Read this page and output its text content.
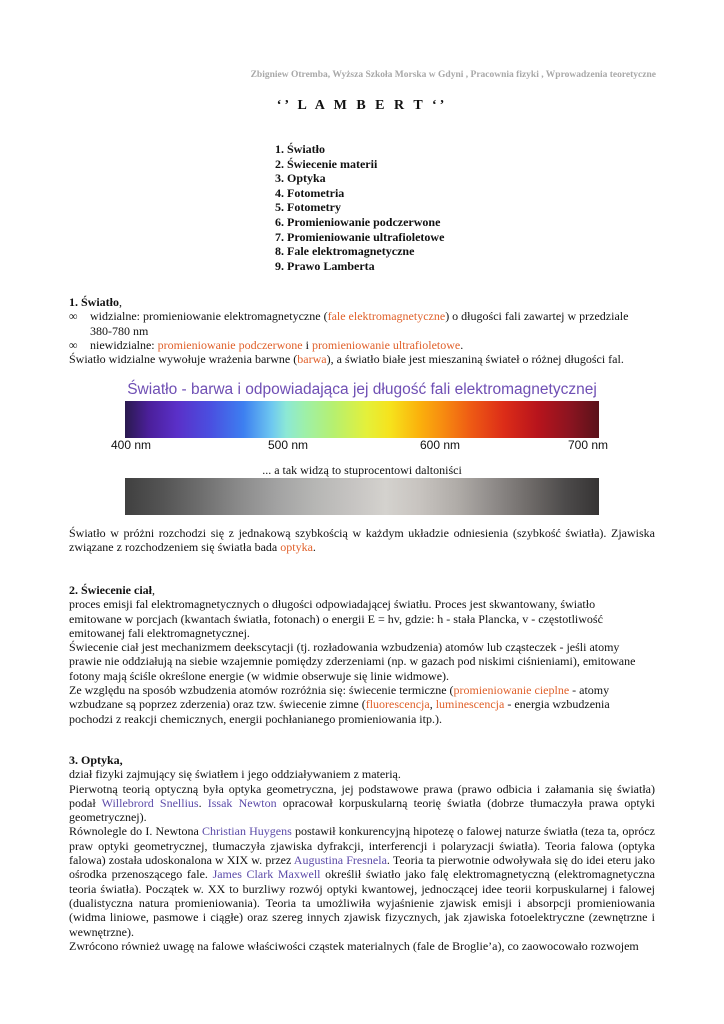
Zbigniew Otremba, Wyższa Szkoła Morska w Gdyni , Pracownia fizyki , Wprowadzenia teoretyczne
‘’ L A M B E R T ‘’
1. Światło
2. Świecenie materii
3. Optyka
4. Fotometria
5. Fotometry
6. Promieniowanie podczerwone
7. Promieniowanie ultrafioletowe
8. Fale elektromagnetyczne
9. Prawo Lamberta

1. Światło,

∞ widzialne: promieniowanie elektromagnetyczne (fale elektromagnetyczne) o długości fali zawartej w przedziale

380-780 nm

∞ niewidzialne: promieniowanie podczerwone i promieniowanie ultrafioletowe.

Światło widzialne wywołuje wrażenia barwne (barwa), a światło białe jest mieszaniną świateł o różnej długości fal.

Światło - barwa i odpowiadająca jej długość fali elektromagnetycznej
400 nm	500 nm	600 nm	700 nm
... a tak widzą to stuprocentowi daltoniści

Światło w próżni rozchodzi się z jednakową szybkością w każdym układzie odniesienia (szybkość światła). Zjawiska związane z rozchodzeniem się światła bada optyka.

2. Świecenie ciał,

proces emisji fal elektromagnetycznych o długości odpowiadającej światłu. Proces jest skwantowany, światło

emitowane w porcjach (kwantach światła, fotonach) o energii E = hv, gdzie: h - stała Plancka, v - częstotliwość

emitowanej fali elektromagnetycznej.

Świecenie ciał jest mechanizmem deekscytacji (tj. rozładowania wzbudzenia) atomów lub cząsteczek - jeśli atomy

prawie nie oddziałują na siebie wzajemnie pomiędzy zderzeniami (np. w gazach pod niskimi ciśnieniami), emitowane

fotony mają ściśle określone energie (w widmie obserwuje się linie widmowe).

Ze względu na sposób wzbudzenia atomów rozróżnia się: świecenie termiczne (promieniowanie cieplne - atomy

wzbudzane są poprzez zderzenia) oraz tzw. świecenie zimne (fluorescencja, luminescencja - energia wzbudzenia

pochodzi z reakcji chemicznych, energii pochłanianego promieniowania itp.).

3. Optyka,

dział fizyki zajmujący się światłem i jego oddziaływaniem z materią.

Pierwotną teorią optyczną była optyka geometryczna, jej podstawowe prawa (prawo odbicia i załamania się światła) podał Willebrord Snellius. Issak Newton opracował korpuskularną teorię światła (dobrze tłumaczyła prawa optyki geometrycznej).

Równolegle do I. Newtona Christian Huygens postawił konkurencyjną hipotezę o falowej naturze światła (teza ta, oprócz praw optyki geometrycznej, tłumaczyła zjawiska dyfrakcji, interferencji i polaryzacji światła). Teoria falowa (optyka falowa) została udoskonalona w XIX w. przez Augustina Fresnela. Teoria ta pierwotnie odwoływała się do idei eteru jako ośrodka przenoszącego fale. James Clark Maxwell określił światło jako falę elektromagnetyczną (elektromagnetyczna teoria światła). Początek w. XX to burzliwy rozwój optyki kwantowej, jednoczącej idee teorii korpuskularnej i falowej (dualistyczna natura promieniowania). Teoria ta umożliwiła wyjaśnienie zjawisk emisji i absorpcji promieniowania (widma liniowe, pasmowe i ciągłe) oraz szereg innych zjawisk fizycznych, jak zjawiska fotoelektryczne (zewnętrzne i wewnętrzne).

Zwrócono również uwagę na falowe właściwości cząstek materialnych (fale de Broglie’a), co zaowocowało rozwojem
